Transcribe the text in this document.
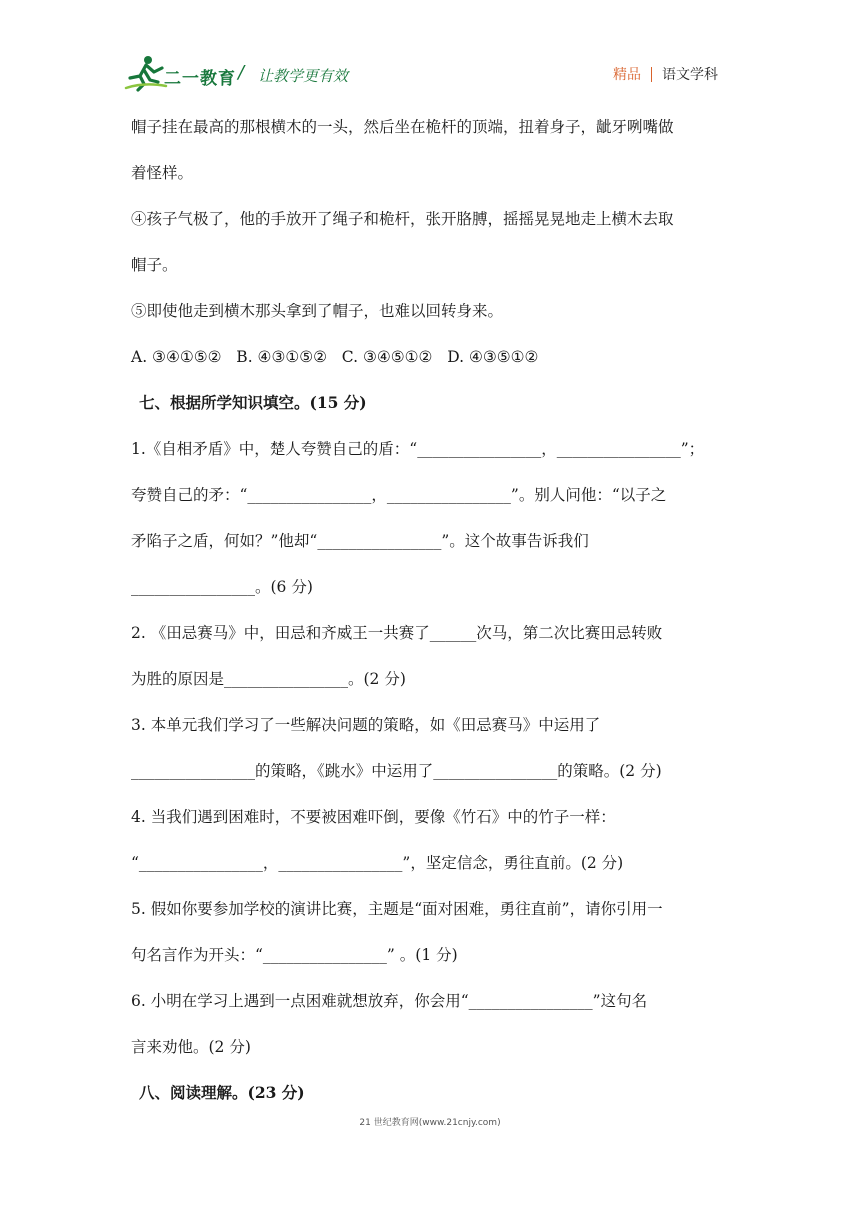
二一教育 / 让教学更有效	精品 语文学科

帽子挂在最高的那根横木的一头，然后坐在桅杆的顶端，扭着身子，龇牙咧嘴做

着怪样。

④孩子气极了，他的手放开了绳子和桅杆，张开胳膊，摇摇晃晃地走上横木去取

帽子。

⑤即使他走到横木那头拿到了帽子，也难以回转身来。

A. ③④①⑤②   B. ④③①⑤②   C. ③④⑤①②   D. ④③⑤①②

七、根据所学知识填空。(15 分)

1.《自相矛盾》中，楚人夸赞自己的盾：“________________，________________”；

夸赞自己的矛：“________________，________________”。别人问他：“以子之

矛陷子之盾，何如？”他却“________________”。这个故事告诉我们

________________。(6 分)

2. 《田忌赛马》中，田忌和齐威王一共赛了______次马，第二次比赛田忌转败

为胜的原因是________________。(2 分)

3. 本单元我们学习了一些解决问题的策略，如《田忌赛马》中运用了

________________的策略，《跳水》中运用了________________的策略。(2 分)

4. 当我们遇到困难时，不要被困难吓倒，要像《竹石》中的竹子一样：

“________________，________________”，坚定信念，勇往直前。(2 分)

5. 假如你要参加学校的演讲比赛，主题是“面对困难，勇往直前”，请你引用一

句名言作为开头：“________________” 。(1 分)

6. 小明在学习上遇到一点困难就想放弃，你会用“________________”这句名

言来劝他。(2 分)

八、阅读理解。(23 分)

21 世纪教育网(www.21cnjy.com)
